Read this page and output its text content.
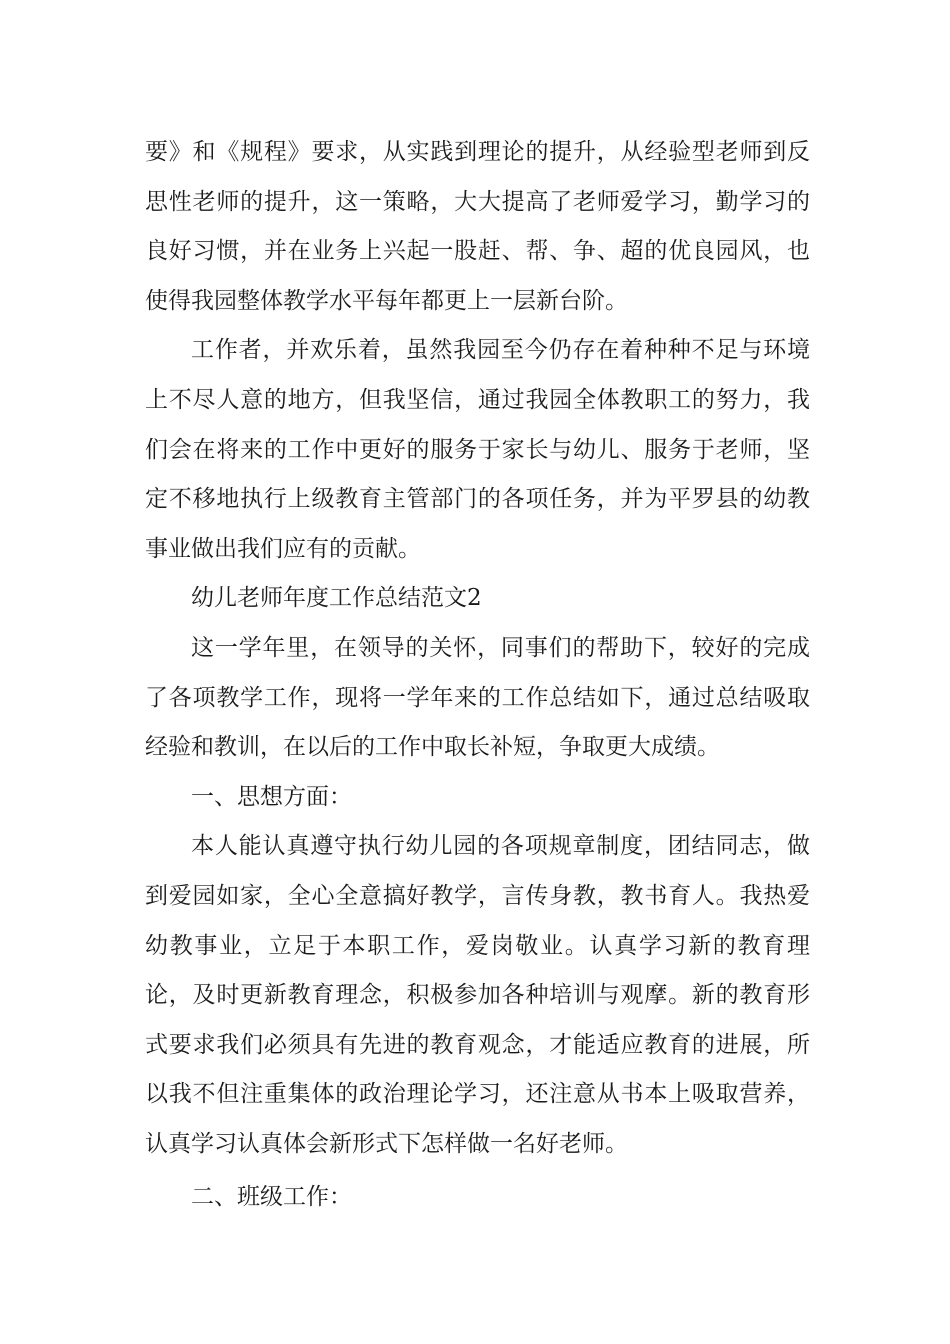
要》和《规程》要求，从实践到理论的提升，从经验型老师到反思性老师的提升，这一策略，大大提高了老师爱学习，勤学习的良好习惯，并在业务上兴起一股赶、帮、争、超的优良园风，也使得我园整体教学水平每年都更上一层新台阶。

工作者，并欢乐着，虽然我园至今仍存在着种种不足与环境上不尽人意的地方，但我坚信，通过我园全体教职工的努力，我们会在将来的工作中更好的服务于家长与幼儿、服务于老师，坚定不移地执行上级教育主管部门的各项任务，并为平罗县的幼教事业做出我们应有的贡献。

幼儿老师年度工作总结范文2

这一学年里，在领导的关怀，同事们的帮助下，较好的完成了各项教学工作，现将一学年来的工作总结如下，通过总结吸取经验和教训，在以后的工作中取长补短，争取更大成绩。

一、思想方面：

本人能认真遵守执行幼儿园的各项规章制度，团结同志，做到爱园如家，全心全意搞好教学，言传身教，教书育人。我热爱幼教事业，立足于本职工作，爱岗敬业。认真学习新的教育理论，及时更新教育理念，积极参加各种培训与观摩。新的教育形式要求我们必须具有先进的教育观念，才能适应教育的进展，所以我不但注重集体的政治理论学习，还注意从书本上吸取营养，认真学习认真体会新形式下怎样做一名好老师。

二、班级工作：
